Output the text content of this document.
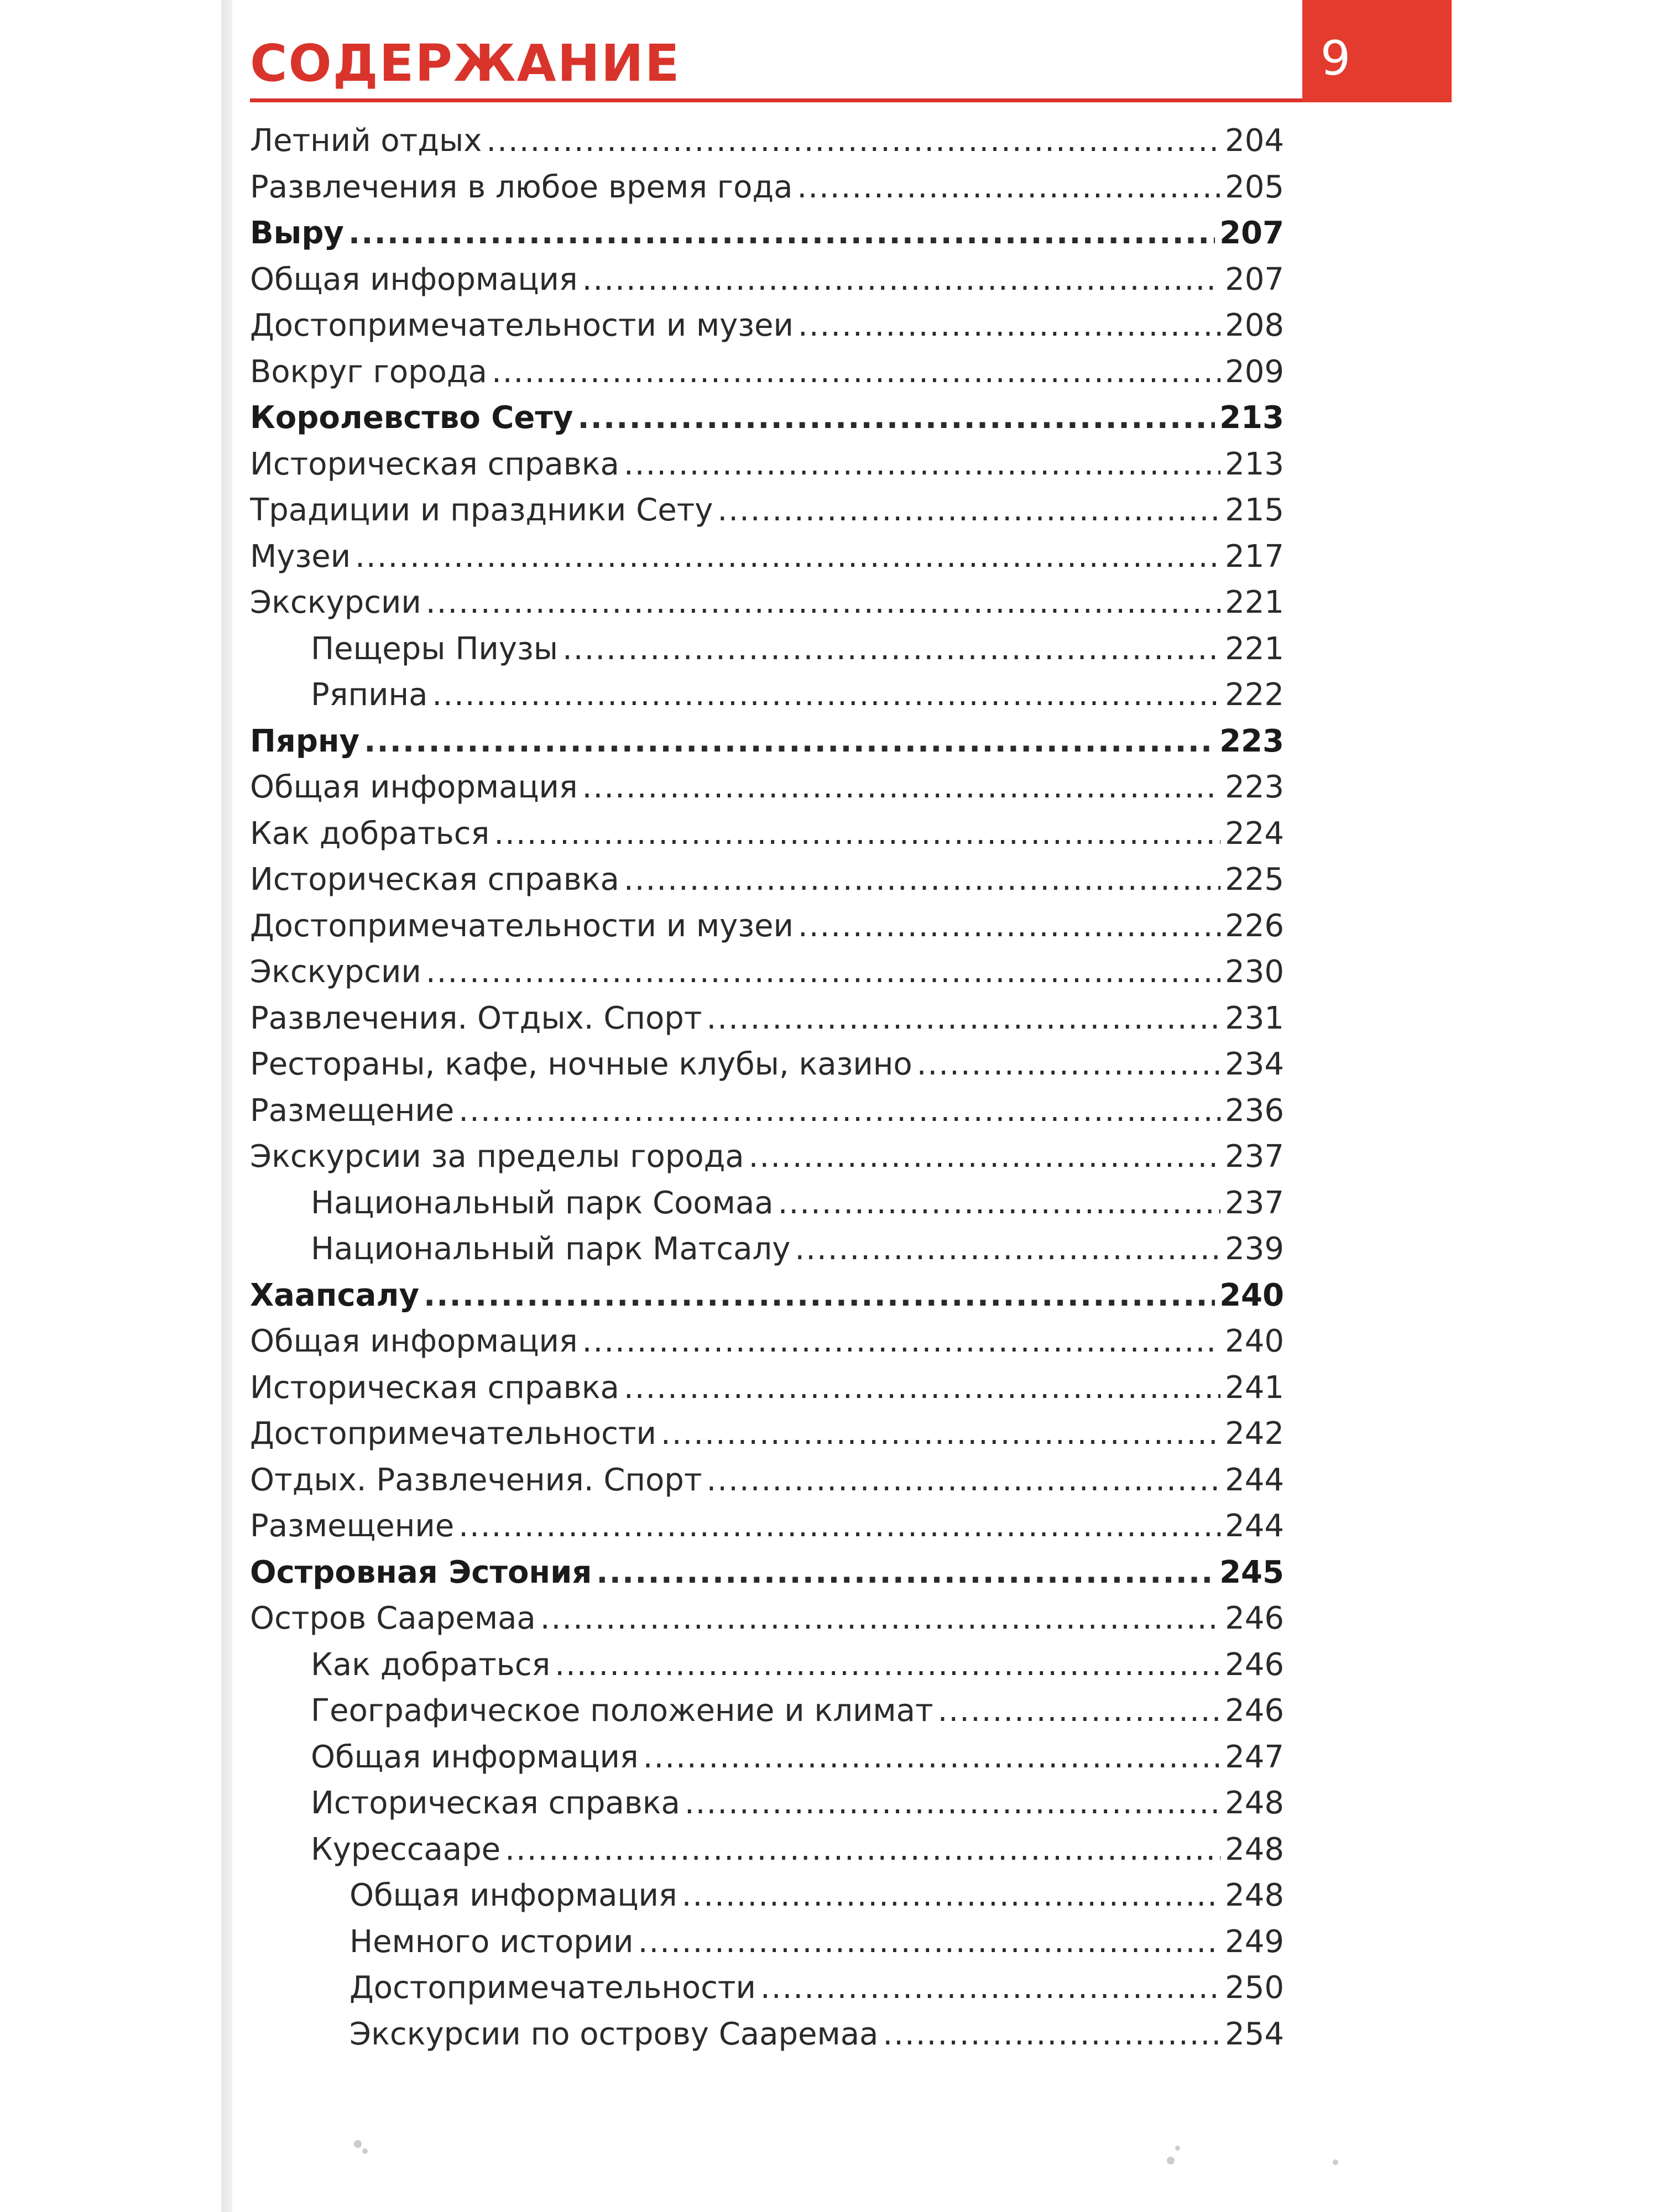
СОДЕРЖАНИЕ	9
Летний отдых .....	204
Развлечения в любое время года .....	205
Выру .....	207
Общая информация .....	207
Достопримечательности и музеи .....	208
Вокруг города .....	209
Королевство Сету .....	213
Историческая справка .....	213
Традиции и праздники Сету .....	215
Музеи .....	217
Экскурсии .....	221
Пещеры Пиузы .....	221
Ряпина .....	222
Пярну .....	223
Общая информация .....	223
Как добраться .....	224
Историческая справка .....	225
Достопримечательности и музеи .....	226
Экскурсии .....	230
Развлечения. Отдых. Спорт .....	231
Рестораны, кафе, ночные клубы, казино .....	234
Размещение .....	236
Экскурсии за пределы города .....	237
Национальный парк Соомаа .....	237
Национальный парк Матсалу .....	239
Хаапсалу .....	240
Общая информация .....	240
Историческая справка .....	241
Достопримечательности .....	242
Отдых. Развлечения. Спорт .....	244
Размещение .....	244
Островная Эстония .....	245
Остров Сааремаа .....	246
Как добраться .....	246
Географическое положение и климат .....	246
Общая информация .....	247
Историческая справка .....	248
Курессааре .....	248
Общая информация .....	248
Немного истории .....	249
Достопримечательности .....	250
Экскурсии по острову Сааремаа .....	254
